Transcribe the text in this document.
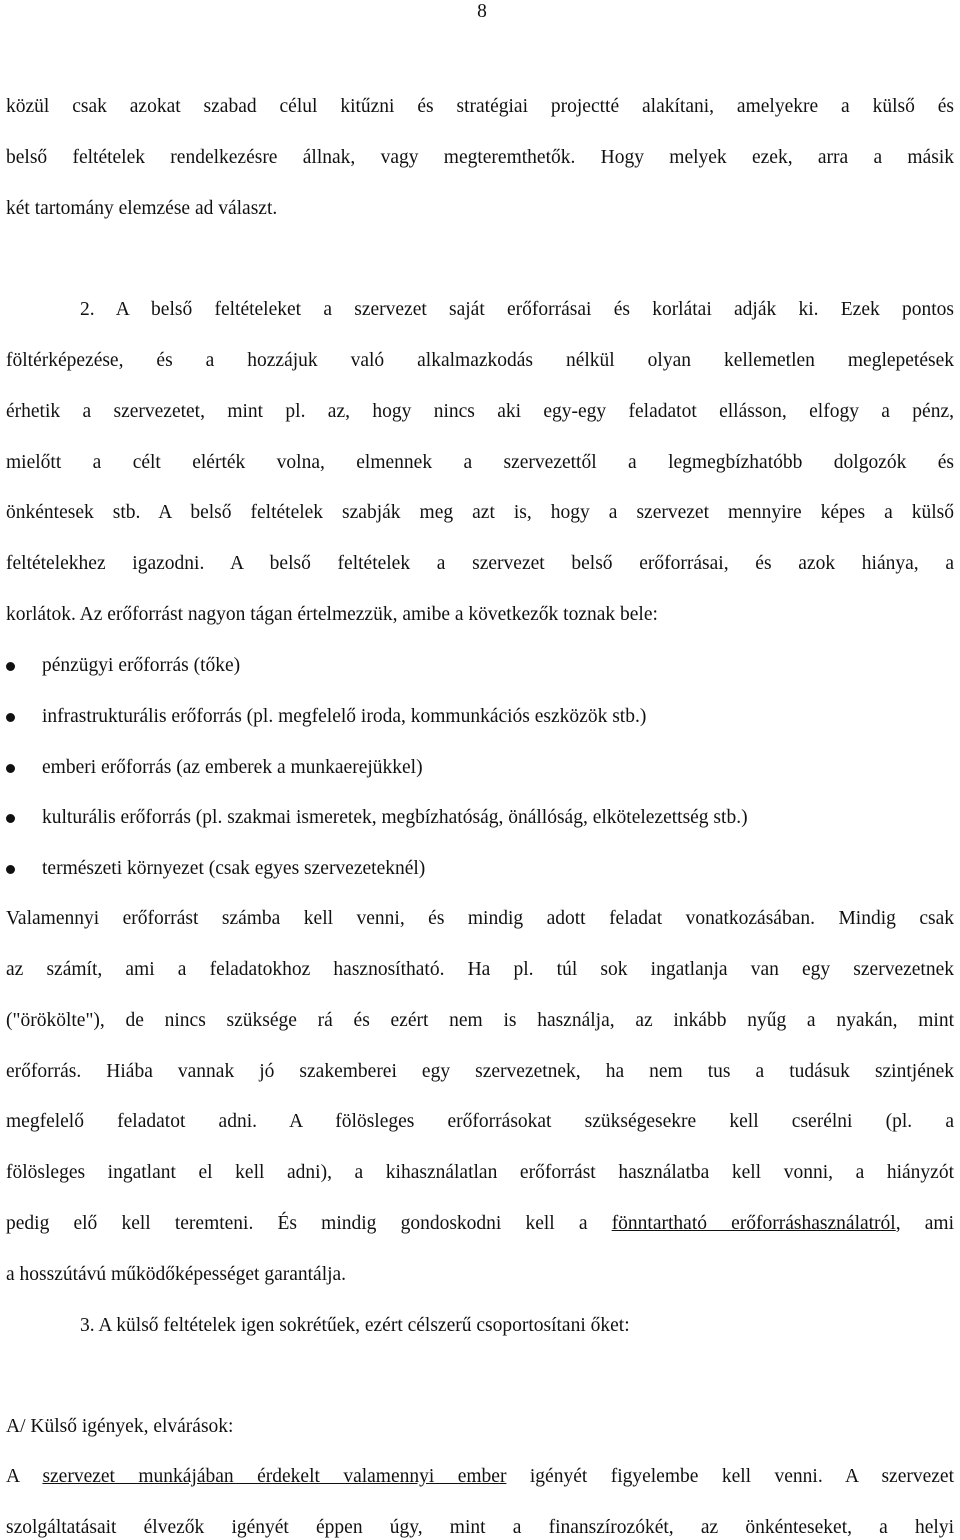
8
közül csak azokat szabad célul kitűzni és stratégiai projectté alakítani, amelyekre a külső és
belső feltételek rendelkezésre állnak, vagy megteremthetők. Hogy melyek ezek, arra a másik
két tartomány elemzése ad választ.
2. A belső feltételeket a szervezet saját erőforrásai és korlátai adják ki. Ezek pontos
föltérképezése, és a hozzájuk való alkalmazkodás nélkül olyan kellemetlen meglepetések
érhetik a szervezetet, mint pl. az, hogy nincs aki egy-egy feladatot ellásson, elfogy a pénz,
mielőtt a célt elérték volna, elmennek a szervezettől a legmegbízhatóbb dolgozók és
önkéntesek stb. A belső feltételek szabják meg azt is, hogy a szervezet mennyire képes a külső
feltételekhez igazodni. A belső feltételek a szervezet belső erőforrásai, és azok hiánya, a
korlátok. Az erőforrást nagyon tágan értelmezzük, amibe a következők toznak bele:
pénzügyi erőforrás (tőke)
infrastrukturális erőforrás (pl. megfelelő iroda, kommunkációs eszközök stb.)
emberi erőforrás (az emberek a munkaerejükkel)
kulturális erőforrás (pl. szakmai ismeretek, megbízhatóság, önállóság, elkötelezettség stb.)
természeti környezet (csak egyes szervezeteknél)
Valamennyi erőforrást számba kell venni, és mindig adott feladat vonatkozásában. Mindig csak
az számít, ami a feladatokhoz hasznosítható. Ha pl. túl sok ingatlanja van egy szervezetnek
("örökölte"), de nincs szüksége rá és ezért nem is használja, az inkább nyűg a nyakán, mint
erőforrás. Hiába vannak jó szakemberei egy szervezetnek, ha nem tus a tudásuk szintjének
megfelelő feladatot adni. A fölösleges erőforrásokat szükségesekre kell cserélni (pl. a
fölösleges ingatlant el kell adni), a kihasználatlan erőforrást használatba kell vonni, a hiányzót
pedig elő kell teremteni. És mindig gondoskodni kell a fönntartható erőforráshasználatról, ami
a hosszútávú működőképességet garantálja.
3. A külső feltételek igen sokrétűek, ezért célszerű csoportosítani őket:
A/ Külső igények, elvárások:
A szervezet munkájában érdekelt valamennyi ember igényét figyelembe kell venni. A szervezet
szolgáltatásait élvezők igényét éppen úgy, mint a finanszírozókét, az önkénteseket, a helyi
